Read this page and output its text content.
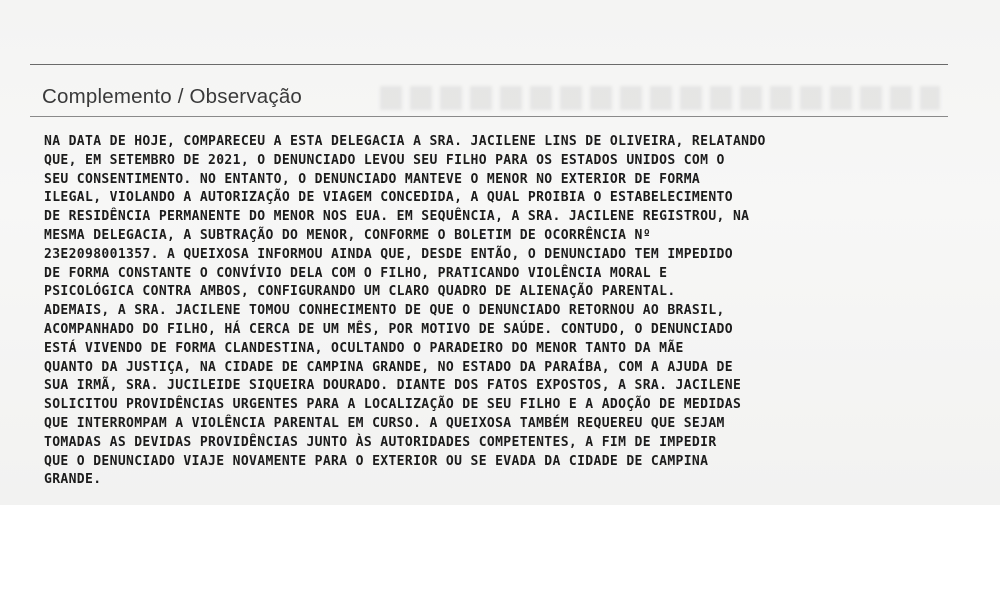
Complemento / Observação
NA DATA DE HOJE, COMPARECEU A ESTA DELEGACIA A SRA. JACILENE LINS DE OLIVEIRA, RELATANDO
QUE, EM SETEMBRO DE 2021, O DENUNCIADO LEVOU SEU FILHO PARA OS ESTADOS UNIDOS COM O
SEU CONSENTIMENTO. NO ENTANTO, O DENUNCIADO MANTEVE O MENOR NO EXTERIOR DE FORMA
ILEGAL, VIOLANDO A AUTORIZAÇÃO DE VIAGEM CONCEDIDA, A QUAL PROIBIA O ESTABELECIMENTO
DE RESIDÊNCIA PERMANENTE DO MENOR NOS EUA. EM SEQUÊNCIA, A SRA. JACILENE REGISTROU, NA
MESMA DELEGACIA, A SUBTRAÇÃO DO MENOR, CONFORME O BOLETIM DE OCORRÊNCIA Nº
23E2098001357. A QUEIXOSA INFORMOU AINDA QUE, DESDE ENTÃO, O DENUNCIADO TEM IMPEDIDO
DE FORMA CONSTANTE O CONVÍVIO DELA COM O FILHO, PRATICANDO VIOLÊNCIA MORAL E
PSICOLÓGICA CONTRA AMBOS, CONFIGURANDO UM CLARO QUADRO DE ALIENAÇÃO PARENTAL.
ADEMAIS, A SRA. JACILENE TOMOU CONHECIMENTO DE QUE O DENUNCIADO RETORNOU AO BRASIL,
ACOMPANHADO DO FILHO, HÁ CERCA DE UM MÊS, POR MOTIVO DE SAÚDE. CONTUDO, O DENUNCIADO
ESTÁ VIVENDO DE FORMA CLANDESTINA, OCULTANDO O PARADEIRO DO MENOR TANTO DA MÃE
QUANTO DA JUSTIÇA, NA CIDADE DE CAMPINA GRANDE, NO ESTADO DA PARAÍBA, COM A AJUDA DE
SUA IRMÃ, SRA. JUCILEIDE SIQUEIRA DOURADO. DIANTE DOS FATOS EXPOSTOS, A SRA. JACILENE
SOLICITOU PROVIDÊNCIAS URGENTES PARA A LOCALIZAÇÃO DE SEU FILHO E A ADOÇÃO DE MEDIDAS
QUE INTERROMPAM A VIOLÊNCIA PARENTAL EM CURSO. A QUEIXOSA TAMBÉM REQUEREU QUE SEJAM
TOMADAS AS DEVIDAS PROVIDÊNCIAS JUNTO ÀS AUTORIDADES COMPETENTES, A FIM DE IMPEDIR
QUE O DENUNCIADO VIAJE NOVAMENTE PARA O EXTERIOR OU SE EVADA DA CIDADE DE CAMPINA
GRANDE.
